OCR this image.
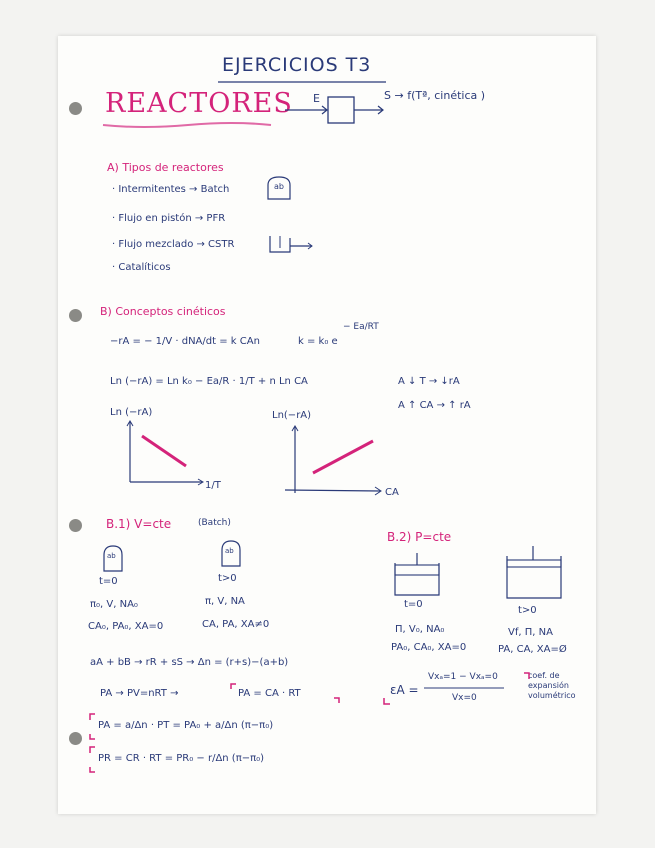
EJERCICIOS T3
REACTORES E	S → f(Tª, cinética )
A) Tipos de reactores
· Intermitentes → Batch
· Flujo en pistón → PFR
· Flujo mezclado → CSTR
· Catalíticos
ab
B) Conceptos cinéticos
−rA = − 1/V · dNA/dt = k CAn	k = k₀ e
− Ea/RT
Ln (−rA) = Ln k₀ − Ea/R · 1/T + n Ln CA	A ↓ T → ↓rA
A ↑ CA → ↑ rA
Ln (−rA)
1/T
Ln(−rA)
CA
B.1) V=cte	(Batch)
ab
ab
t=0	t>0
π₀, V, NA₀	π, V, NA
CA₀, PA₀, XA=0	CA, PA, XA≠0
B.2) P=cte
t=0
t>0
Π, V₀, NA₀	Vf, Π, NA
PA₀, CA₀, XA=0	PA, CA, XA=Ø
εA =
Vxₐ=1 − Vxₐ=0
Vx=0
coef. de expansión volumétrico
aA + bB → rR + sS → Δn = (r+s)−(a+b)
PA → PV=nRT →	PA = CA · RT
PA = a/Δn · PT = PA₀ + a/Δn (π−π₀)
PR = CR · RT = PR₀ − r/Δn (π−π₀)
